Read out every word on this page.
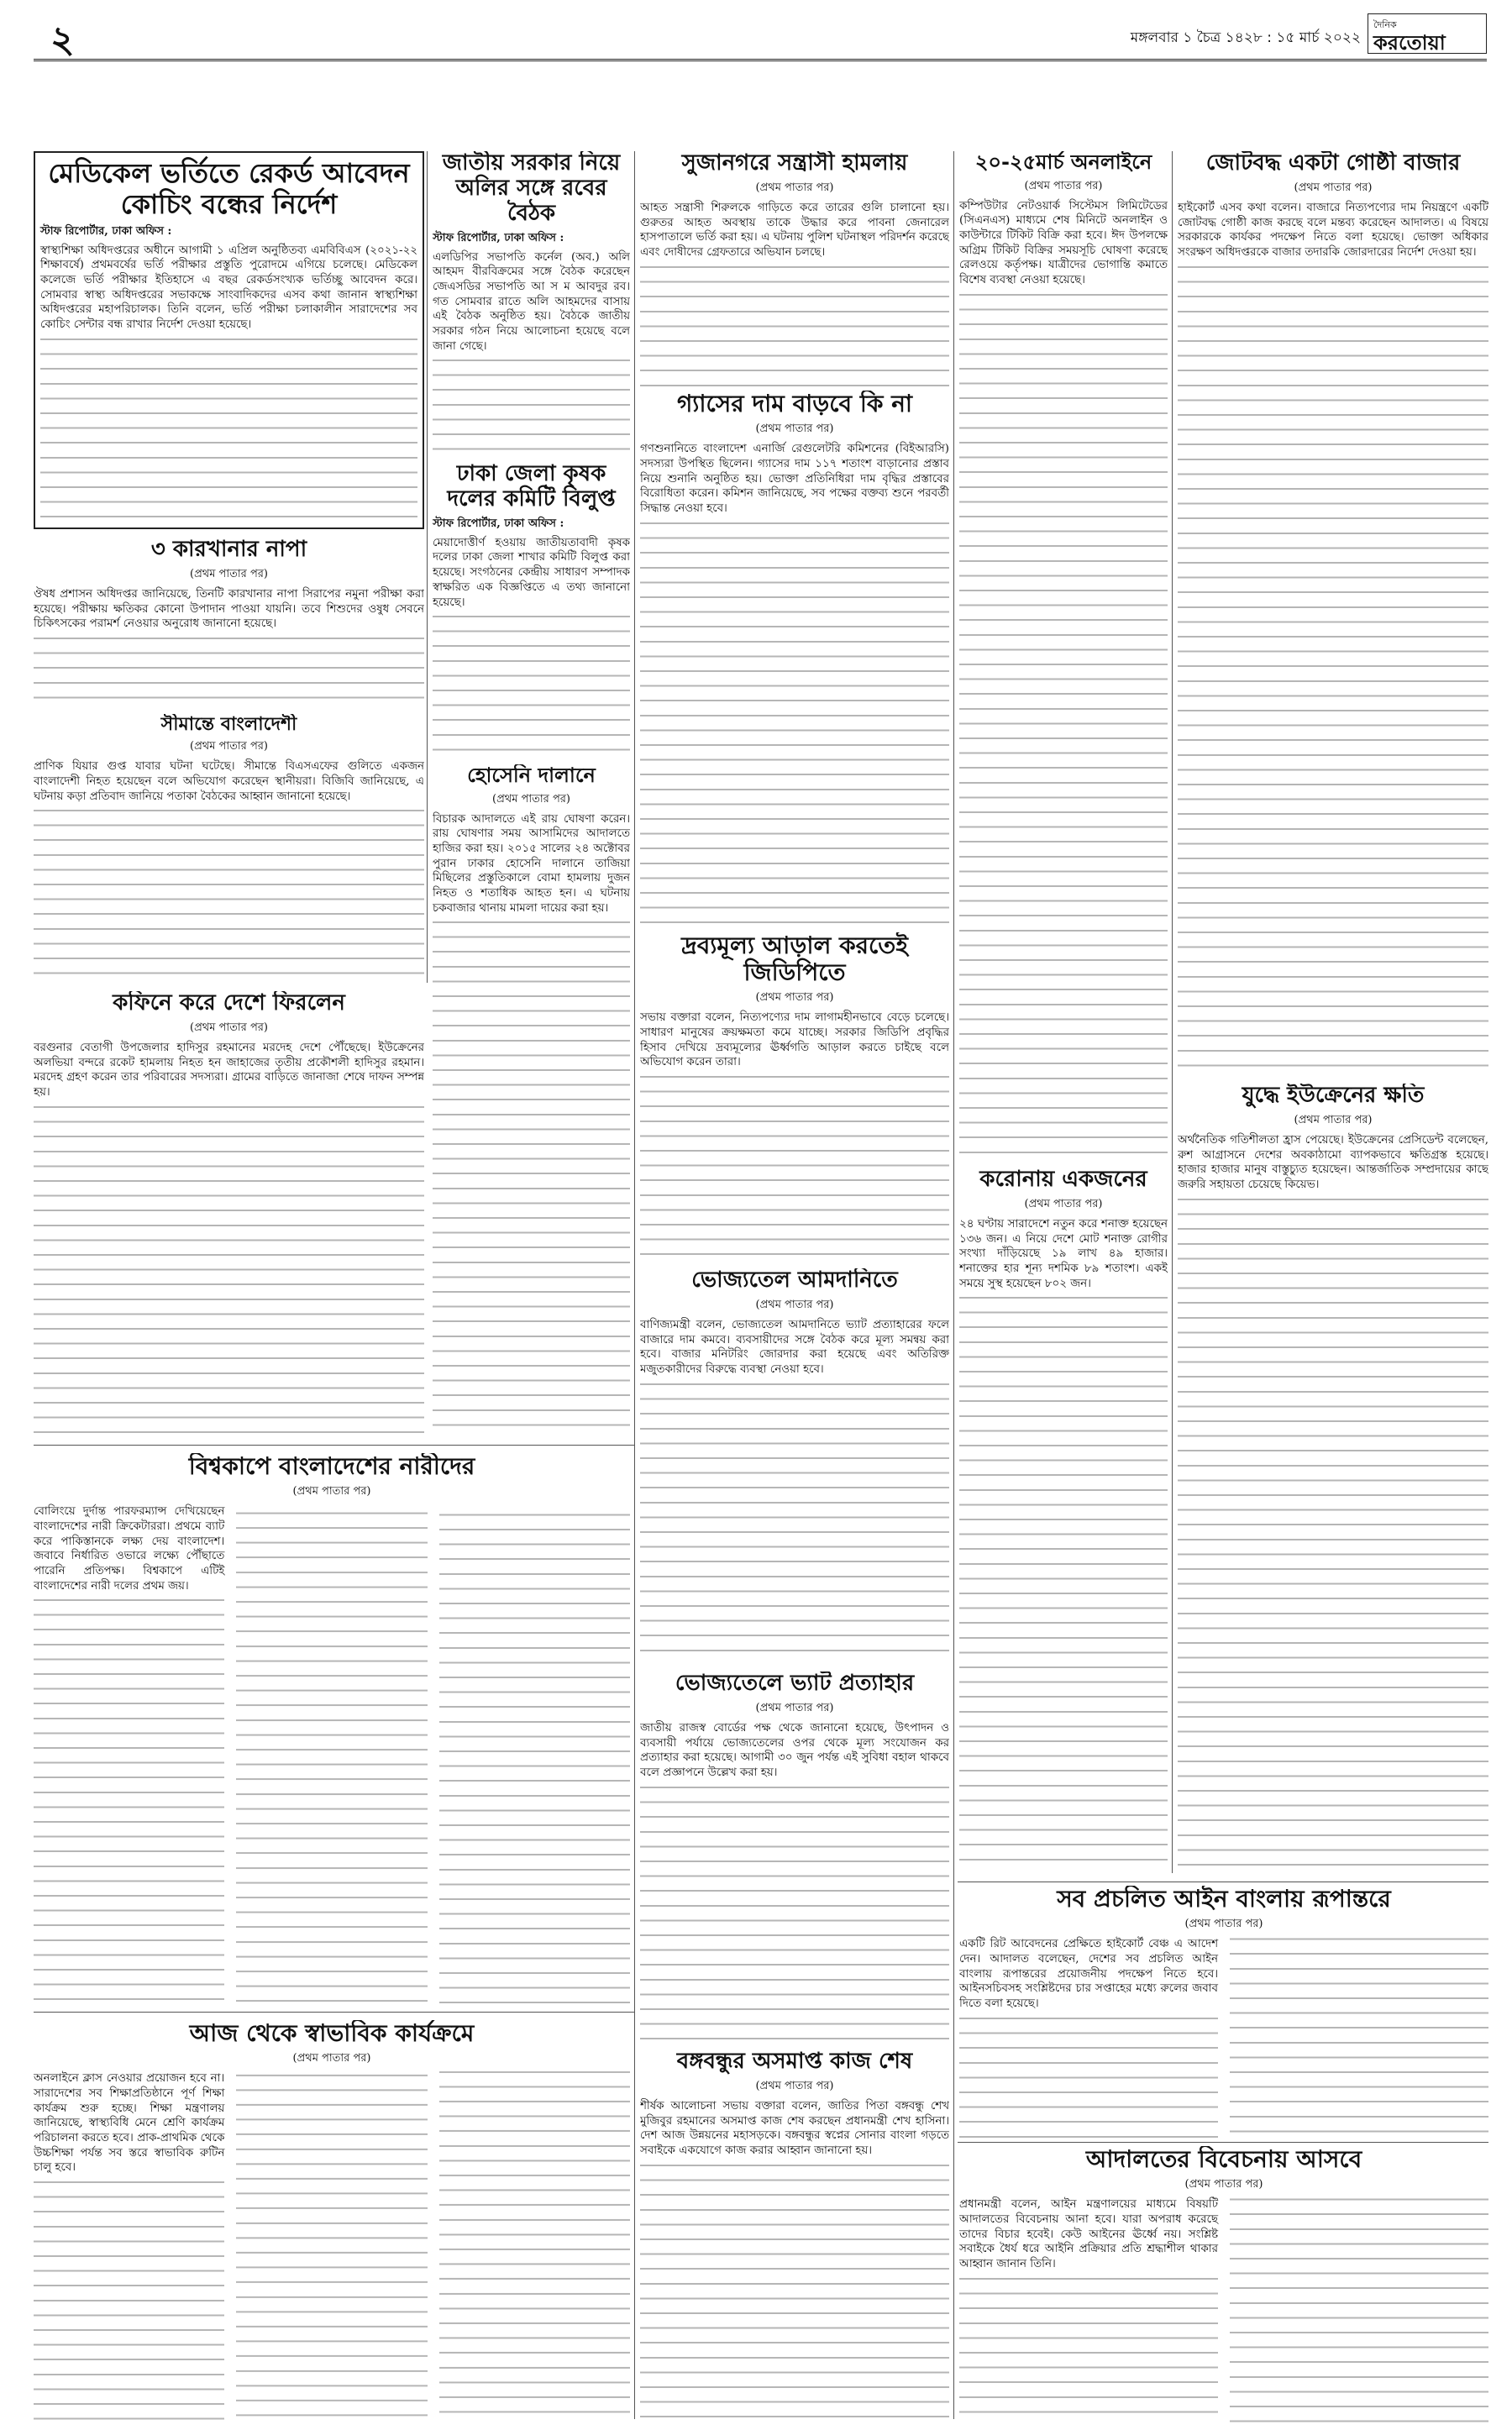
২	মঙ্গলবার ১ চৈত্র ১৪২৮ : ১৫ মার্চ ২০২২
দৈনিক
করতোয়া
মেডিকেল ভর্তিতে রেকর্ড আবেদন কোচিং বন্ধের নির্দেশ

স্টাফ রিপোর্টার, ঢাকা অফিস :

স্বাস্থ্যশিক্ষা অধিদপ্তরের অধীনে আগামী ১ এপ্রিল অনুষ্ঠিতব্য এমবিবিএস (২০২১-২২ শিক্ষাবর্ষে) প্রথমবর্ষের ভর্তি পরীক্ষার প্রস্তুতি পুরোদমে এগিয়ে চলেছে। মেডিকেল কলেজে ভর্তি পরীক্ষার ইতিহাসে এ বছর রেকর্ডসংখ্যক ভর্তিচ্ছু আবেদন করে। সোমবার স্বাস্থ্য অধিদপ্তরের সভাকক্ষে সাংবাদিকদের এসব কথা জানান স্বাস্থ্যশিক্ষা অধিদপ্তরের মহাপরিচালক। তিনি বলেন, ভর্তি পরীক্ষা চলাকালীন সারাদেশের সব কোচিং সেন্টার বন্ধ রাখার নির্দেশ দেওয়া হয়েছে।

৩ কারখানার নাপা

(প্রথম পাতার পর)

ঔষধ প্রশাসন অধিদপ্তর জানিয়েছে, তিনটি কারখানার নাপা সিরাপের নমুনা পরীক্ষা করা হয়েছে। পরীক্ষায় ক্ষতিকর কোনো উপাদান পাওয়া যায়নি। তবে শিশুদের ওষুধ সেবনে চিকিৎসকের পরামর্শ নেওয়ার অনুরোধ জানানো হয়েছে।

সীমান্তে বাংলাদেশী

(প্রথম পাতার পর)

প্রাণিক যিয়ার গুপ্ত যাবার ঘটনা ঘটেছে। সীমান্তে বিএসএফের গুলিতে একজন বাংলাদেশী নিহত হয়েছেন বলে অভিযোগ করেছেন স্থানীয়রা। বিজিবি জানিয়েছে, এ ঘটনায় কড়া প্রতিবাদ জানিয়ে পতাকা বৈঠকের আহ্বান জানানো হয়েছে।

কফিনে করে দেশে ফিরলেন

(প্রথম পাতার পর)

বরগুনার বেতাগী উপজেলার হাদিসুর রহমানের মরদেহ দেশে পৌঁছেছে। ইউক্রেনের অলভিয়া বন্দরে রকেট হামলায় নিহত হন জাহাজের তৃতীয় প্রকৌশলী হাদিসুর রহমান। মরদেহ গ্রহণ করেন তার পরিবারের সদস্যরা। গ্রামের বাড়িতে জানাজা শেষে দাফন সম্পন্ন হয়।

জাতীয় সরকার নিয়ে অলির সঙ্গে রবের বৈঠক

স্টাফ রিপোর্টার, ঢাকা অফিস :

এলডিপির সভাপতি কর্নেল (অব.) অলি আহমদ বীরবিক্রমের সঙ্গে বৈঠক করেছেন জেএসডির সভাপতি আ স ম আবদুর রব। গত সোমবার রাতে অলি আহমদের বাসায় এই বৈঠক অনুষ্ঠিত হয়। বৈঠকে জাতীয় সরকার গঠন নিয়ে আলোচনা হয়েছে বলে জানা গেছে।

ঢাকা জেলা কৃষক দলের কমিটি বিলুপ্ত

স্টাফ রিপোর্টার, ঢাকা অফিস :

মেয়াদোত্তীর্ণ হওয়ায় জাতীয়তাবাদী কৃষক দলের ঢাকা জেলা শাখার কমিটি বিলুপ্ত করা হয়েছে। সংগঠনের কেন্দ্রীয় সাধারণ সম্পাদক স্বাক্ষরিত এক বিজ্ঞপ্তিতে এ তথ্য জানানো হয়েছে।

হোসেনি দালানে

(প্রথম পাতার পর)

বিচারক আদালতে এই রায় ঘোষণা করেন। রায় ঘোষণার সময় আসামিদের আদালতে হাজির করা হয়। ২০১৫ সালের ২৪ অক্টোবর পুরান ঢাকার হোসেনি দালানে তাজিয়া মিছিলের প্রস্তুতিকালে বোমা হামলায় দুজন নিহত ও শতাধিক আহত হন। এ ঘটনায় চকবাজার থানায় মামলা দায়ের করা হয়।

বিশ্বকাপে বাংলাদেশের নারীদের

(প্রথম পাতার পর)

বোলিংয়ে দুর্দান্ত পারফরম্যান্স দেখিয়েছেন বাংলাদেশের নারী ক্রিকেটাররা। প্রথমে ব্যাট করে পাকিস্তানকে লক্ষ্য দেয় বাংলাদেশ। জবাবে নির্ধারিত ওভারে লক্ষ্যে পৌঁছাতে পারেনি প্রতিপক্ষ। বিশ্বকাপে এটিই বাংলাদেশের নারী দলের প্রথম জয়।

আজ থেকে স্বাভাবিক কার্যক্রমে

(প্রথম পাতার পর)

অনলাইনে ক্লাস নেওয়ার প্রয়োজন হবে না। সারাদেশের সব শিক্ষাপ্রতিষ্ঠানে পূর্ণ শিক্ষা কার্যক্রম শুরু হচ্ছে। শিক্ষা মন্ত্রণালয় জানিয়েছে, স্বাস্থ্যবিধি মেনে শ্রেণি কার্যক্রম পরিচালনা করতে হবে। প্রাক-প্রাথমিক থেকে উচ্চশিক্ষা পর্যন্ত সব স্তরে স্বাভাবিক রুটিন চালু হবে।

সুজানগরে সন্ত্রাসী হামলায়

(প্রথম পাতার পর)

আহত সন্ত্রাসী শিরুলকে গাড়িতে করে তারের গুলি চালানো হয়। গুরুতর আহত অবস্থায় তাকে উদ্ধার করে পাবনা জেনারেল হাসপাতালে ভর্তি করা হয়। এ ঘটনায় পুলিশ ঘটনাস্থল পরিদর্শন করেছে এবং দোষীদের গ্রেফতারে অভিযান চলছে।

গ্যাসের দাম বাড়বে কি না

(প্রথম পাতার পর)

গণশুনানিতে বাংলাদেশ এনার্জি রেগুলেটরি কমিশনের (বিইআরসি) সদস্যরা উপস্থিত ছিলেন। গ্যাসের দাম ১১৭ শতাংশ বাড়ানোর প্রস্তাব নিয়ে শুনানি অনুষ্ঠিত হয়। ভোক্তা প্রতিনিধিরা দাম বৃদ্ধির প্রস্তাবের বিরোধিতা করেন। কমিশন জানিয়েছে, সব পক্ষের বক্তব্য শুনে পরবর্তী সিদ্ধান্ত নেওয়া হবে।

দ্রব্যমূল্য আড়াল করতেই জিডিপিতে

(প্রথম পাতার পর)

সভায় বক্তারা বলেন, নিত্যপণ্যের দাম লাগামহীনভাবে বেড়ে চলেছে। সাধারণ মানুষের ক্রয়ক্ষমতা কমে যাচ্ছে। সরকার জিডিপি প্রবৃদ্ধির হিসাব দেখিয়ে দ্রব্যমূল্যের ঊর্ধ্বগতি আড়াল করতে চাইছে বলে অভিযোগ করেন তারা।

ভোজ্যতেল আমদানিতে

(প্রথম পাতার পর)

বাণিজ্যমন্ত্রী বলেন, ভোজ্যতেল আমদানিতে ভ্যাট প্রত্যাহারের ফলে বাজারে দাম কমবে। ব্যবসায়ীদের সঙ্গে বৈঠক করে মূল্য সমন্বয় করা হবে। বাজার মনিটরিং জোরদার করা হয়েছে এবং অতিরিক্ত মজুতকারীদের বিরুদ্ধে ব্যবস্থা নেওয়া হবে।

ভোজ্যতেলে ভ্যাট প্রত্যাহার

(প্রথম পাতার পর)

জাতীয় রাজস্ব বোর্ডের পক্ষ থেকে জানানো হয়েছে, উৎপাদন ও ব্যবসায়ী পর্যায়ে ভোজ্যতেলের ওপর থেকে মূল্য সংযোজন কর প্রত্যাহার করা হয়েছে। আগামী ৩০ জুন পর্যন্ত এই সুবিধা বহাল থাকবে বলে প্রজ্ঞাপনে উল্লেখ করা হয়।

বঙ্গবন্ধুর অসমাপ্ত কাজ শেষ

(প্রথম পাতার পর)

শীর্ষক আলোচনা সভায় বক্তারা বলেন, জাতির পিতা বঙ্গবন্ধু শেখ মুজিবুর রহমানের অসমাপ্ত কাজ শেষ করছেন প্রধানমন্ত্রী শেখ হাসিনা। দেশ আজ উন্নয়নের মহাসড়কে। বঙ্গবন্ধুর স্বপ্নের সোনার বাংলা গড়তে সবাইকে একযোগে কাজ করার আহ্বান জানানো হয়।

২০-২৫মার্চ অনলাইনে

(প্রথম পাতার পর)

কম্পিউটার নেটওয়ার্ক সিস্টেমস লিমিটেডের (সিএনএস) মাধ্যমে শেষ মিনিটে অনলাইন ও কাউন্টারে টিকিট বিক্রি করা হবে। ঈদ উপলক্ষে অগ্রিম টিকিট বিক্রির সময়সূচি ঘোষণা করেছে রেলওয়ে কর্তৃপক্ষ। যাত্রীদের ভোগান্তি কমাতে বিশেষ ব্যবস্থা নেওয়া হয়েছে।

করোনায় একজনের

(প্রথম পাতার পর)

২৪ ঘণ্টায় সারাদেশে নতুন করে শনাক্ত হয়েছেন ১৩৬ জন। এ নিয়ে দেশে মোট শনাক্ত রোগীর সংখ্যা দাঁড়িয়েছে ১৯ লাখ ৪৯ হাজার। শনাক্তের হার শূন্য দশমিক ৮৯ শতাংশ। একই সময়ে সুস্থ হয়েছেন ৮০২ জন।

জোটবদ্ধ একটা গোষ্ঠী বাজার

(প্রথম পাতার পর)

হাইকোর্ট এসব কথা বলেন। বাজারে নিত্যপণ্যের দাম নিয়ন্ত্রণে একটি জোটবদ্ধ গোষ্ঠী কাজ করছে বলে মন্তব্য করেছেন আদালত। এ বিষয়ে সরকারকে কার্যকর পদক্ষেপ নিতে বলা হয়েছে। ভোক্তা অধিকার সংরক্ষণ অধিদপ্তরকে বাজার তদারকি জোরদারের নির্দেশ দেওয়া হয়।

যুদ্ধে ইউক্রেনের ক্ষতি

(প্রথম পাতার পর)

অর্থনৈতিক গতিশীলতা হ্রাস পেয়েছে। ইউক্রেনের প্রেসিডেন্ট বলেছেন, রুশ আগ্রাসনে দেশের অবকাঠামো ব্যাপকভাবে ক্ষতিগ্রস্ত হয়েছে। হাজার হাজার মানুষ বাস্তুচ্যুত হয়েছেন। আন্তর্জাতিক সম্প্রদায়ের কাছে জরুরি সহায়তা চেয়েছে কিয়েভ।

সব প্রচলিত আইন বাংলায় রূপান্তরে

(প্রথম পাতার পর)

একটি রিট আবেদনের প্রেক্ষিতে হাইকোর্ট বেঞ্চ এ আদেশ দেন। আদালত বলেছেন, দেশের সব প্রচলিত আইন বাংলায় রূপান্তরের প্রয়োজনীয় পদক্ষেপ নিতে হবে। আইনসচিবসহ সংশ্লিষ্টদের চার সপ্তাহের মধ্যে রুলের জবাব দিতে বলা হয়েছে।

আদালতের বিবেচনায় আসবে

(প্রথম পাতার পর)

প্রধানমন্ত্রী বলেন, আইন মন্ত্রণালয়ের মাধ্যমে বিষয়টি আদালতের বিবেচনায় আনা হবে। যারা অপরাধ করেছে তাদের বিচার হবেই। কেউ আইনের ঊর্ধ্বে নয়। সংশ্লিষ্ট সবাইকে ধৈর্য ধরে আইনি প্রক্রিয়ার প্রতি শ্রদ্ধাশীল থাকার আহ্বান জানান তিনি।
